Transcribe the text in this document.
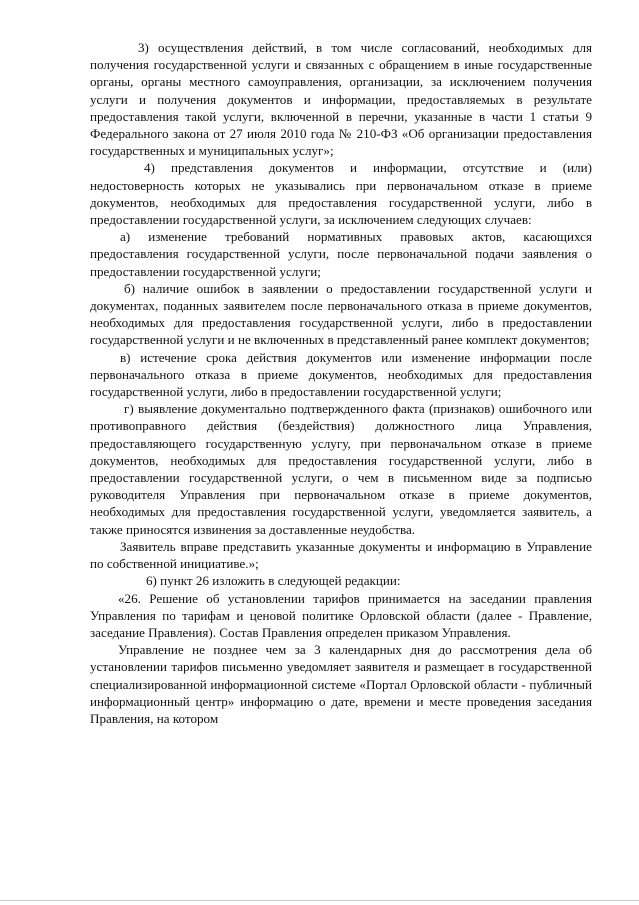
3) осуществления действий, в том числе согласований, необходимых для получения государственной услуги и связанных с обращением в иные государственные органы, органы местного самоуправления, организации, за исключением получения услуги и получения документов и информации, предоставляемых в результате предоставления такой услуги, включенной в перечни, указанные в части 1 статьи 9 Федерального закона от 27 июля 2010 года № 210-ФЗ «Об организации предоставления государственных и муниципальных услуг»;

4) представления документов и информации, отсутствие и (или) недостоверность которых не указывались при первоначальном отказе в приеме документов, необходимых для предоставления государственной услуги, либо в предоставлении государственной услуги, за исключением следующих случаев:

а) изменение требований нормативных правовых актов, касающихся предоставления государственной услуги, после первоначальной подачи заявления о предоставлении государственной услуги;

б) наличие ошибок в заявлении о предоставлении государственной услуги и документах, поданных заявителем после первоначального отказа в приеме документов, необходимых для предоставления государственной услуги, либо в предоставлении государственной услуги и не включенных в представленный ранее комплект документов;

в) истечение срока действия документов или изменение информации после первоначального отказа в приеме документов, необходимых для предоставления государственной услуги, либо в предоставлении государственной услуги;

г) выявление документально подтвержденного факта (признаков) ошибочного или противоправного действия (бездействия) должностного лица Управления, предоставляющего государственную услугу, при первоначальном отказе в приеме документов, необходимых для предоставления государственной услуги, либо в предоставлении государственной услуги, о чем в письменном виде за подписью руководителя Управления при первоначальном отказе в приеме документов, необходимых для предоставления государственной услуги, уведомляется заявитель, а также приносятся извинения за доставленные неудобства.

Заявитель вправе представить указанные документы и информацию в Управление по собственной инициативе.»;

6) пункт 26 изложить в следующей редакции:

«26. Решение об установлении тарифов принимается на заседании правления Управления по тарифам и ценовой политике Орловской области (далее - Правление, заседание Правления). Состав Правления определен приказом Управления.

Управление не позднее чем за 3 календарных дня до рассмотрения дела об установлении тарифов письменно уведомляет заявителя и размещает в государственной специализированной информационной системе «Портал Орловской области - публичный информационный центр» информацию о дате, времени и месте проведения заседания Правления, на котором
